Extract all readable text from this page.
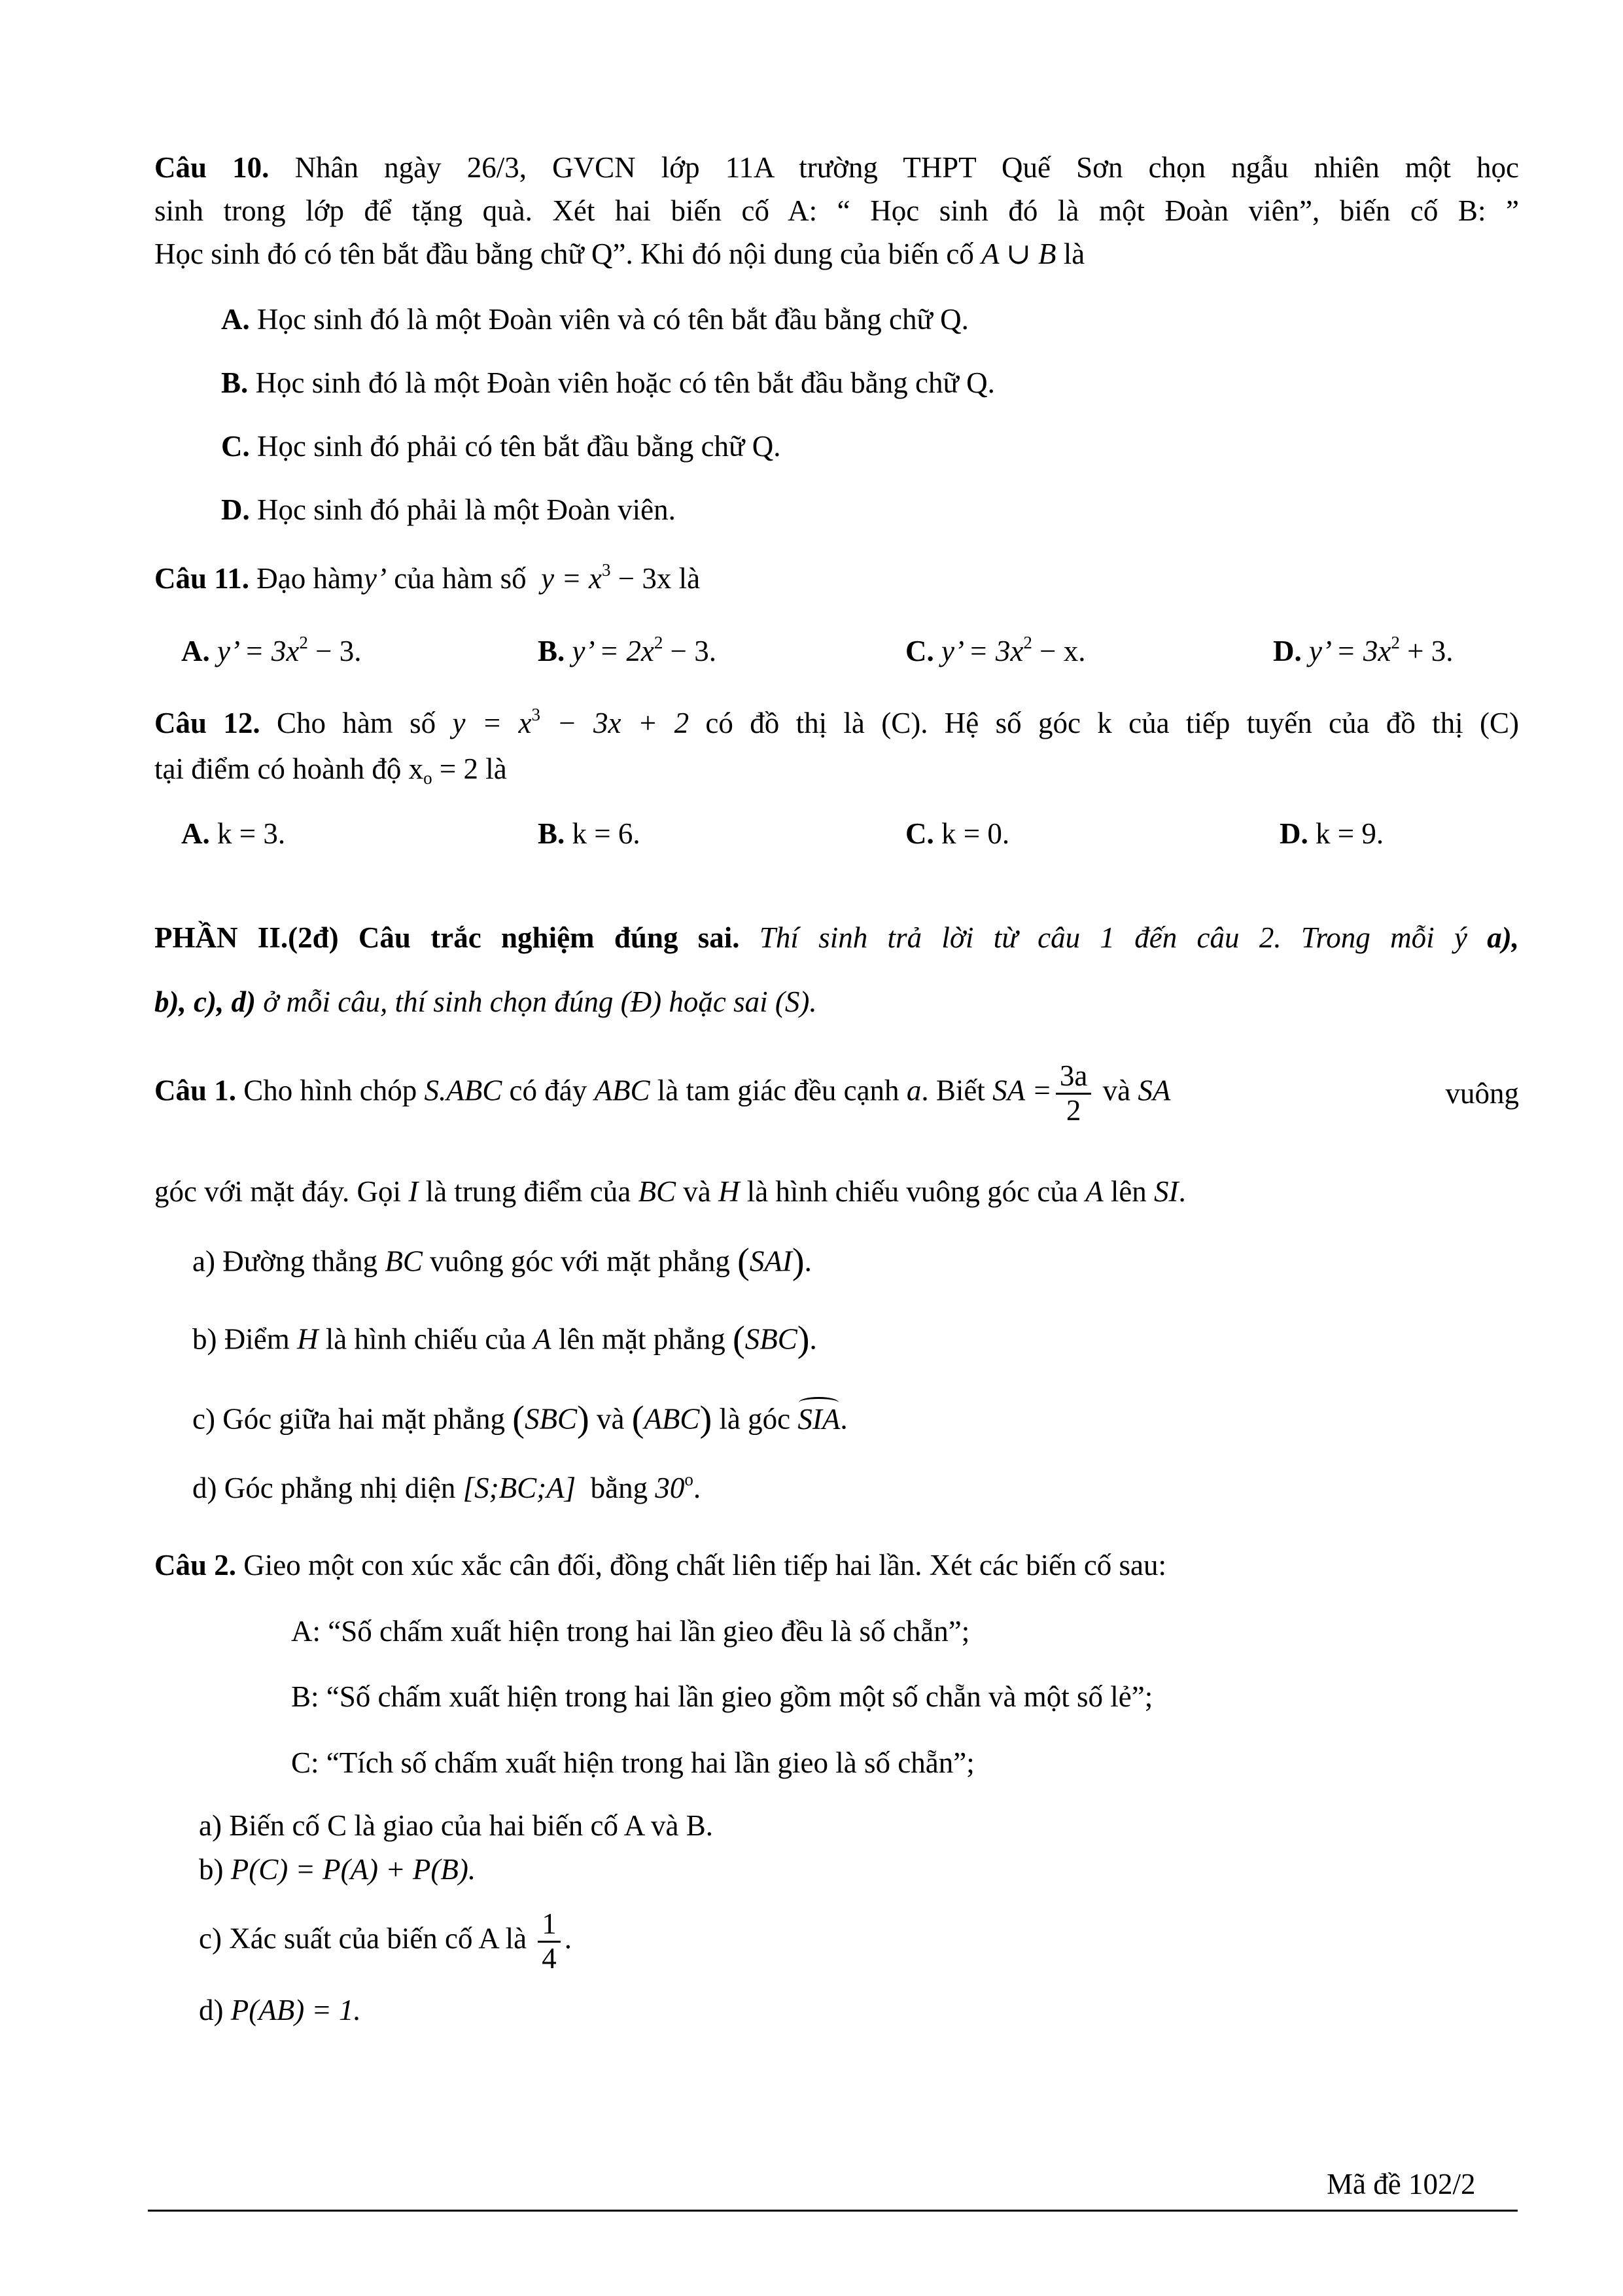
Câu 10. Nhân ngày 26/3, GVCN lớp 11A trường THPT Quế Sơn chọn ngẫu nhiên một học
sinh trong lớp để tặng quà. Xét hai biến cố A: “ Học sinh đó là một Đoàn viên”, biến cố B: ”
Học sinh đó có tên bắt đầu bằng chữ Q”. Khi đó nội dung của biến cố A ∪ B là
A. Học sinh đó là một Đoàn viên và có tên bắt đầu bằng chữ Q.
B. Học sinh đó là một Đoàn viên hoặc có tên bắt đầu bằng chữ Q.
C. Học sinh đó phải có tên bắt đầu bằng chữ Q.
D. Học sinh đó phải là một Đoàn viên.
Câu 11. Đạo hàmy’ của hàm số $y = x^3 - 3x$ là
A. y’ = $3x^2 - 3$.	B. y’ = $2x^2 - 3$.	C. y’ = $3x^2 - x$.	D. y’ = $3x^2 + 3$.
Câu 12. Cho hàm số $y = x^3 - 3x + 2$ có đồ thị là (C). Hệ số góc k của tiếp tuyến của đồ thị (C)
tại điểm có hoành độ $x_o = 2$ là
A. k = 3.	B. k = 6.	C. k = 0.	D. k = 9.
PHẦN II.(2đ) Câu trắc nghiệm đúng sai. Thí sinh trả lời từ câu 1 đến câu 2. Trong mỗi ý a),
b), c), d) ở mỗi câu, thí sinh chọn đúng (Đ) hoặc sai (S).
Câu 1. Cho hình chóp S.ABC có đáy ABC là tam giác đều cạnh a. Biết SA = $\frac{3a}{2}$ và SA	vuông
góc với mặt đáy. Gọi I là trung điểm của BC và H là hình chiếu vuông góc của A lên SI.
a) Đường thẳng BC vuông góc với mặt phẳng (SAI).
b) Điểm H là hình chiếu của A lên mặt phẳng (SBC).
c) Góc giữa hai mặt phẳng (SBC) và (ABC) là góc SIA.
d) Góc phẳng nhị diện [S;BC;A] bằng 30$^o$.
Câu 2. Gieo một con xúc xắc cân đối, đồng chất liên tiếp hai lần. Xét các biến cố sau:
A: “Số chấm xuất hiện trong hai lần gieo đều là số chẵn”;
B: “Số chấm xuất hiện trong hai lần gieo gồm một số chẵn và một số lẻ”;
C: “Tích số chấm xuất hiện trong hai lần gieo là số chẵn”;
a) Biến cố C là giao của hai biến cố A và B.
b) P(C) = P(A) + P(B).
c) Xác suất của biến cố A là $\frac{1}{4}$ .
d) P(AB) = 1.
Mã đề 102/2
